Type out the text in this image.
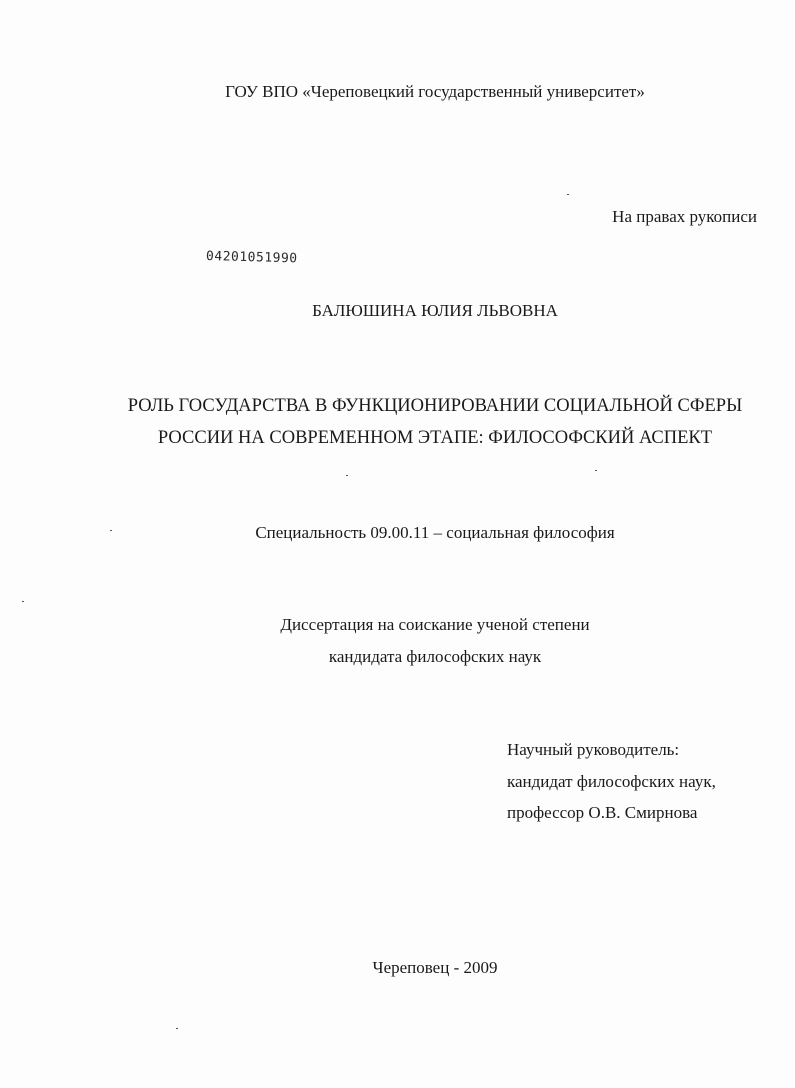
ГОУ ВПО «Череповецкий государственный университет»
На правах рукописи
04201051990
БАЛЮШИНА ЮЛИЯ ЛЬВОВНА
РОЛЬ ГОСУДАРСТВА В ФУНКЦИОНИРОВАНИИ СОЦИАЛЬНОЙ СФЕРЫ
РОССИИ НА СОВРЕМЕННОМ ЭТАПЕ: ФИЛОСОФСКИЙ АСПЕКТ
Специальность 09.00.11 – социальная философия
Диссертация на соискание ученой степени
кандидата философских наук
Научный руководитель:
кандидат философских наук,
профессор О.В. Смирнова
Череповец - 2009
